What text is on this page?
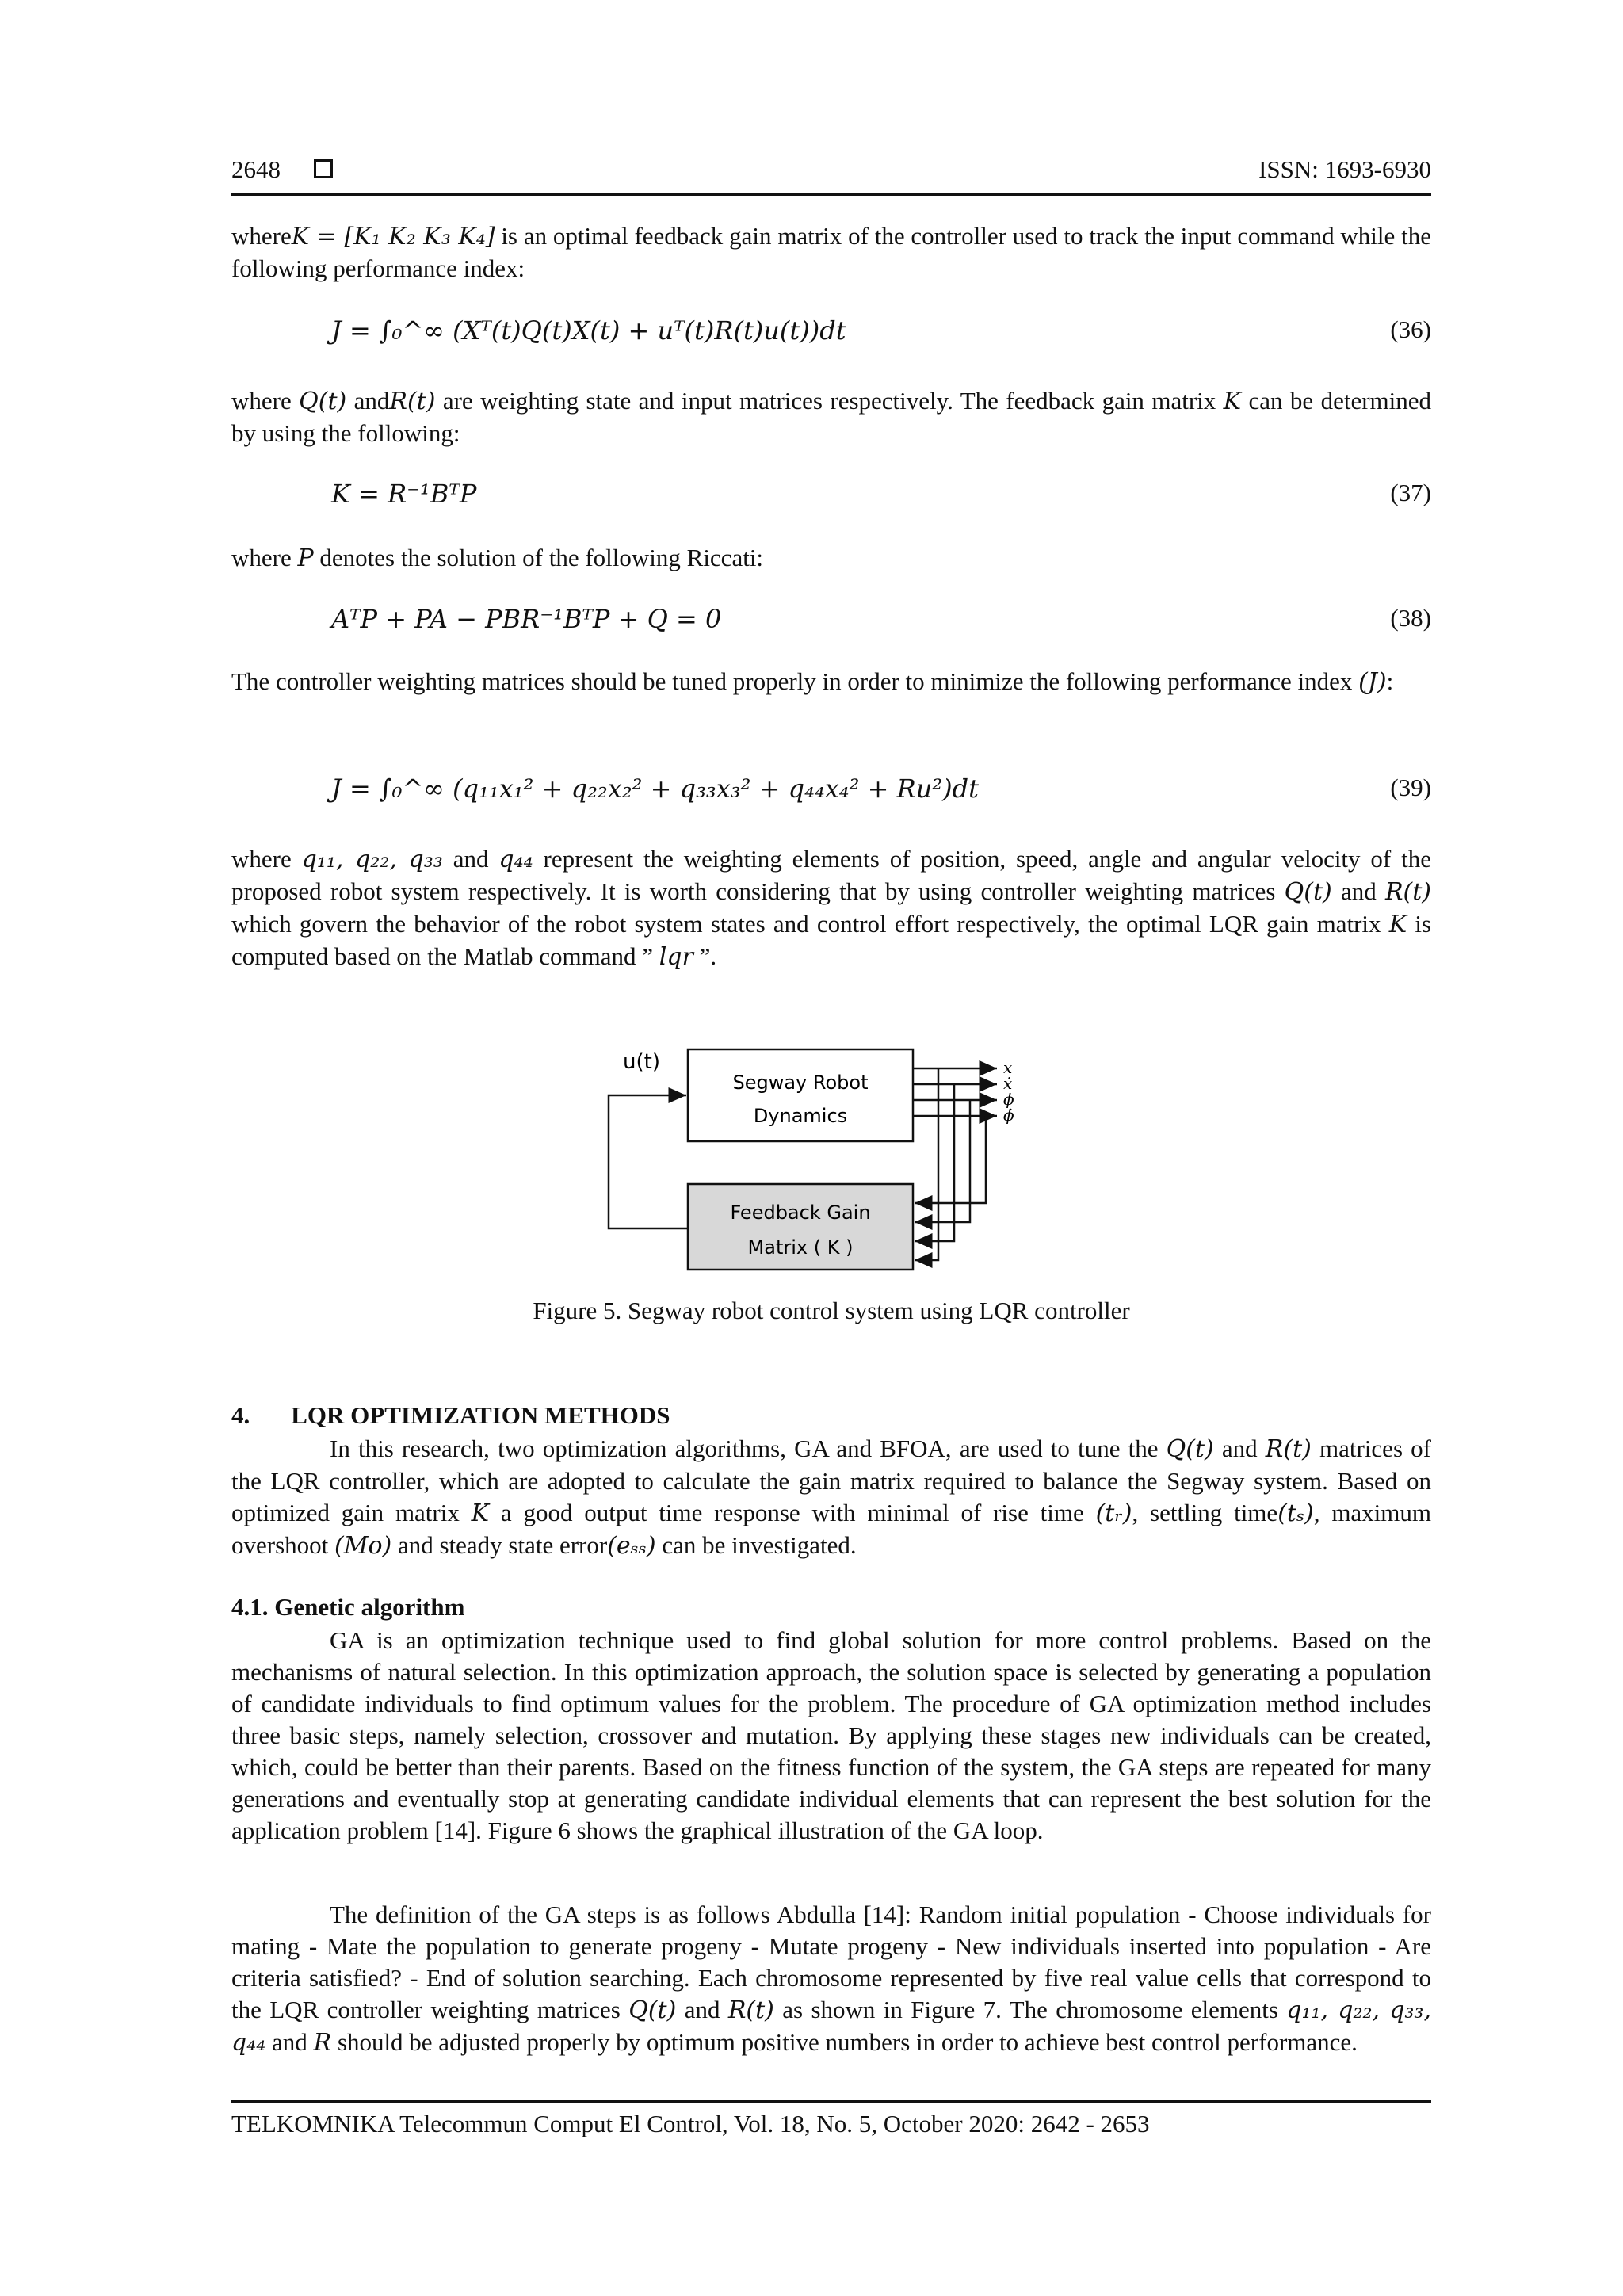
2648	ISSN: 1693-6930
whereK = [K₁ K₂ K₃ K₄] is an optimal feedback gain matrix of the controller used to track the input command while the following performance index:
J = ∫₀^∞ (Xᵀ(t)Q(t)X(t) + uᵀ(t)R(t)u(t))dt	(36)
where Q(t) andR(t) are weighting state and input matrices respectively. The feedback gain matrix K can be determined by using the following:
K = R⁻¹BᵀP	(37)
where P denotes the solution of the following Riccati:
AᵀP + PA − PBR⁻¹BᵀP + Q = 0	(38)
The controller weighting matrices should be tuned properly in order to minimize the following performance index (J):
J = ∫₀^∞ (q₁₁x₁² + q₂₂x₂² + q₃₃x₃² + q₄₄x₄² + Ru²)dt	(39)
where q₁₁, q₂₂, q₃₃ and q₄₄ represent the weighting elements of position, speed, angle and angular velocity of the proposed robot system respectively. It is worth considering that by using controller weighting matrices Q(t) and R(t) which govern the behavior of the robot system states and control effort respectively, the optimal LQR gain matrix K is computed based on the Matlab command ” lqr ”.
Segway Robot
Dynamics
Feedback Gain
Matrix ( K )
u(t)	x
ẋ
ϕ
ϕ̇
Figure 5. Segway robot control system using LQR controller
4. LQR OPTIMIZATION METHODS
In this research, two optimization algorithms, GA and BFOA, are used to tune the Q(t) and R(t) matrices of the LQR controller, which are adopted to calculate the gain matrix required to balance the Segway system. Based on optimized gain matrix K a good output time response with minimal of rise time (tᵣ), settling time(tₛ), maximum overshoot (Mo) and steady state error(eₛₛ) can be investigated.
4.1. Genetic algorithm
GA is an optimization technique used to find global solution for more control problems. Based on the mechanisms of natural selection. In this optimization approach, the solution space is selected by generating a population of candidate individuals to find optimum values for the problem. The procedure of GA optimization method includes three basic steps, namely selection, crossover and mutation. By applying these stages new individuals can be created, which, could be better than their parents. Based on the fitness function of the system, the GA steps are repeated for many generations and eventually stop at generating candidate individual elements that can represent the best solution for the application problem [14]. Figure 6 shows the graphical illustration of the GA loop.
The definition of the GA steps is as follows Abdulla [14]: Random initial population - Choose individuals for mating - Mate the population to generate progeny - Mutate progeny - New individuals inserted into population - Are criteria satisfied? - End of solution searching. Each chromosome represented by five real value cells that correspond to the LQR controller weighting matrices Q(t) and R(t) as shown in Figure 7. The chromosome elements q₁₁, q₂₂, q₃₃, q₄₄ and R should be adjusted properly by optimum positive numbers in order to achieve best control performance.
TELKOMNIKA Telecommun Comput El Control, Vol. 18, No. 5, October 2020: 2642 - 2653
